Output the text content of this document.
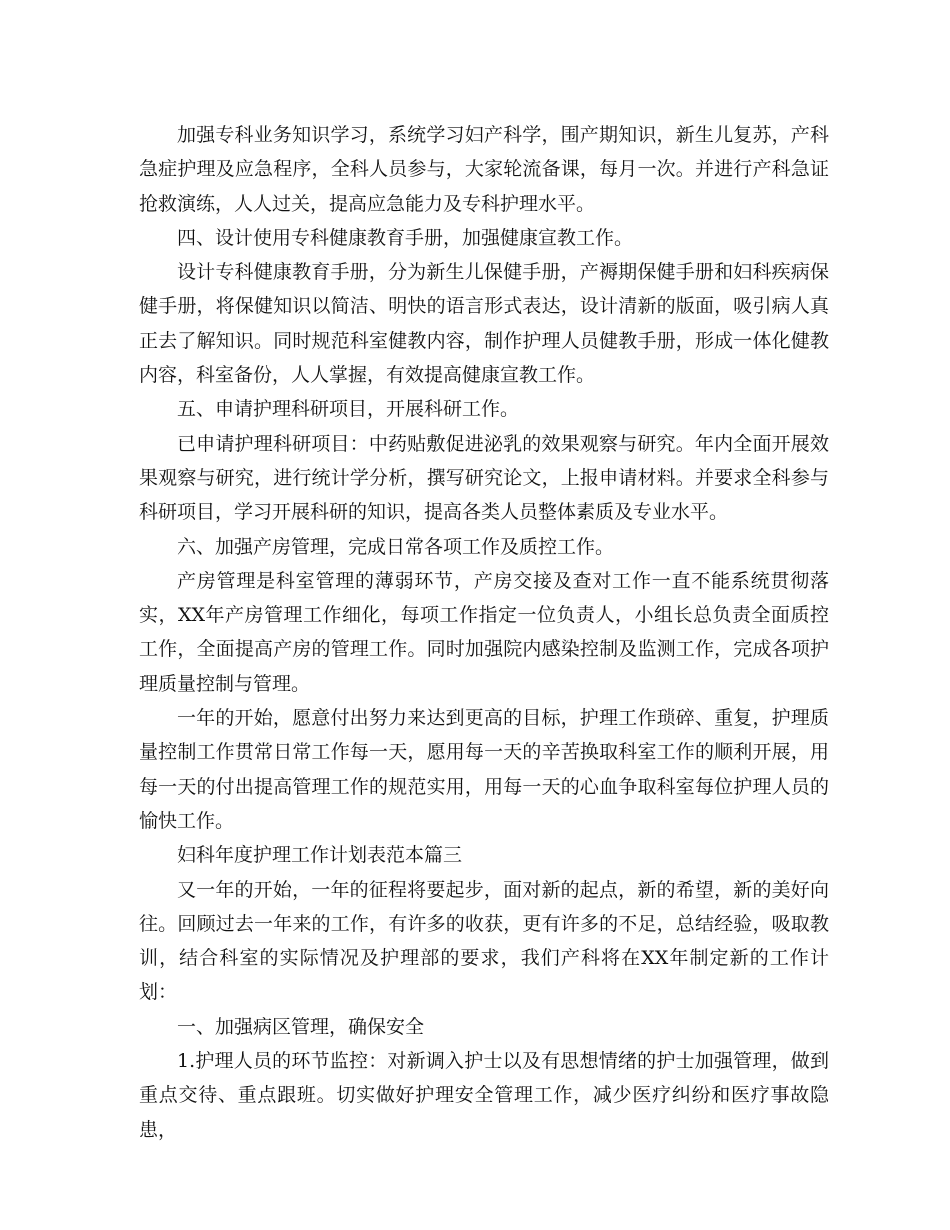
加强专科业务知识学习，系统学习妇产科学，围产期知识，新生儿复苏，产科急症护理及应急程序，全科人员参与，大家轮流备课，每月一次。并进行产科急证抢救演练，人人过关，提高应急能力及专科护理水平。

四、设计使用专科健康教育手册，加强健康宣教工作。

设计专科健康教育手册，分为新生儿保健手册，产褥期保健手册和妇科疾病保健手册，将保健知识以简洁、明快的语言形式表达，设计清新的版面，吸引病人真正去了解知识。同时规范科室健教内容，制作护理人员健教手册，形成一体化健教内容，科室备份，人人掌握，有效提高健康宣教工作。

五、申请护理科研项目，开展科研工作。

已申请护理科研项目：中药贴敷促进泌乳的效果观察与研究。年内全面开展效果观察与研究，进行统计学分析，撰写研究论文，上报申请材料。并要求全科参与科研项目，学习开展科研的知识，提高各类人员整体素质及专业水平。

六、加强产房管理，完成日常各项工作及质控工作。

产房管理是科室管理的薄弱环节，产房交接及查对工作一直不能系统贯彻落实，XX年产房管理工作细化，每项工作指定一位负责人，小组长总负责全面质控工作，全面提高产房的管理工作。同时加强院内感染控制及监测工作，完成各项护理质量控制与管理。

一年的开始，愿意付出努力来达到更高的目标，护理工作琐碎、重复，护理质量控制工作贯常日常工作每一天，愿用每一天的辛苦换取科室工作的顺利开展，用每一天的付出提高管理工作的规范实用，用每一天的心血争取科室每位护理人员的愉快工作。

妇科年度护理工作计划表范本篇三

又一年的开始，一年的征程将要起步，面对新的起点，新的希望，新的美好向往。回顾过去一年来的工作，有许多的收获，更有许多的不足，总结经验，吸取教训，结合科室的实际情况及护理部的要求，我们产科将在XX年制定新的工作计划：

一、加强病区管理，确保安全

1.护理人员的环节监控：对新调入护士以及有思想情绪的护士加强管理，做到重点交待、重点跟班。切实做好护理安全管理工作，减少医疗纠纷和医疗事故隐患，
